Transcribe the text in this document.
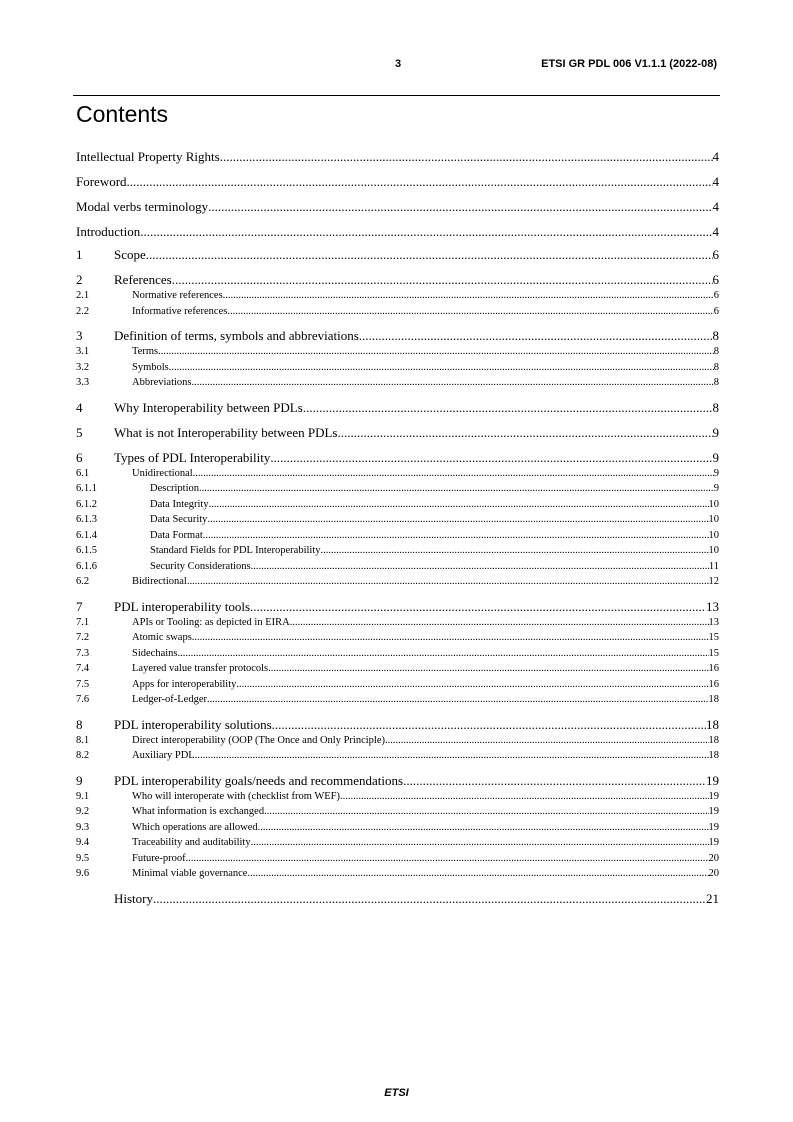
3	ETSI GR PDL 006 V1.1.1 (2022-08)
Contents
Intellectual Property Rights .....	4
Foreword .....	4
Modal verbs terminology .....	4
Introduction .....	4
1	Scope .....	6
2	References .....	6
2.1	Normative references .....	6
2.2	Informative references .....	6
3	Definition of terms, symbols and abbreviations .....	8
3.1	Terms .....	8
3.2	Symbols .....	8
3.3	Abbreviations .....	8
4	Why Interoperability between PDLs .....	8
5	What is not Interoperability between PDLs .....	9
6	Types of PDL Interoperability .....	9
6.1	Unidirectional .....	9
6.1.1	Description .....	9
6.1.2	Data Integrity .....	10
6.1.3	Data Security .....	10
6.1.4	Data Format .....	10
6.1.5	Standard Fields for PDL Interoperability .....	10
6.1.6	Security Considerations .....	11
6.2	Bidirectional .....	12
7	PDL interoperability tools .....	13
7.1	APIs or Tooling: as depicted in EIRA .....	13
7.2	Atomic swaps .....	15
7.3	Sidechains .....	15
7.4	Layered value transfer protocols .....	16
7.5	Apps for interoperability .....	16
7.6	Ledger-of-Ledger .....	18
8	PDL interoperability solutions .....	18
8.1	Direct interoperability (OOP (The Once and Only Principle) .....	18
8.2	Auxiliary PDL .....	18
9	PDL interoperability goals/needs and recommendations .....	19
9.1	Who will interoperate with (checklist from WEF) .....	19
9.2	What information is exchanged .....	19
9.3	Which operations are allowed .....	19
9.4	Traceability and auditability .....	19
9.5	Future-proof .....	20
9.6	Minimal viable governance .....	20
History .....	21
ETSI
